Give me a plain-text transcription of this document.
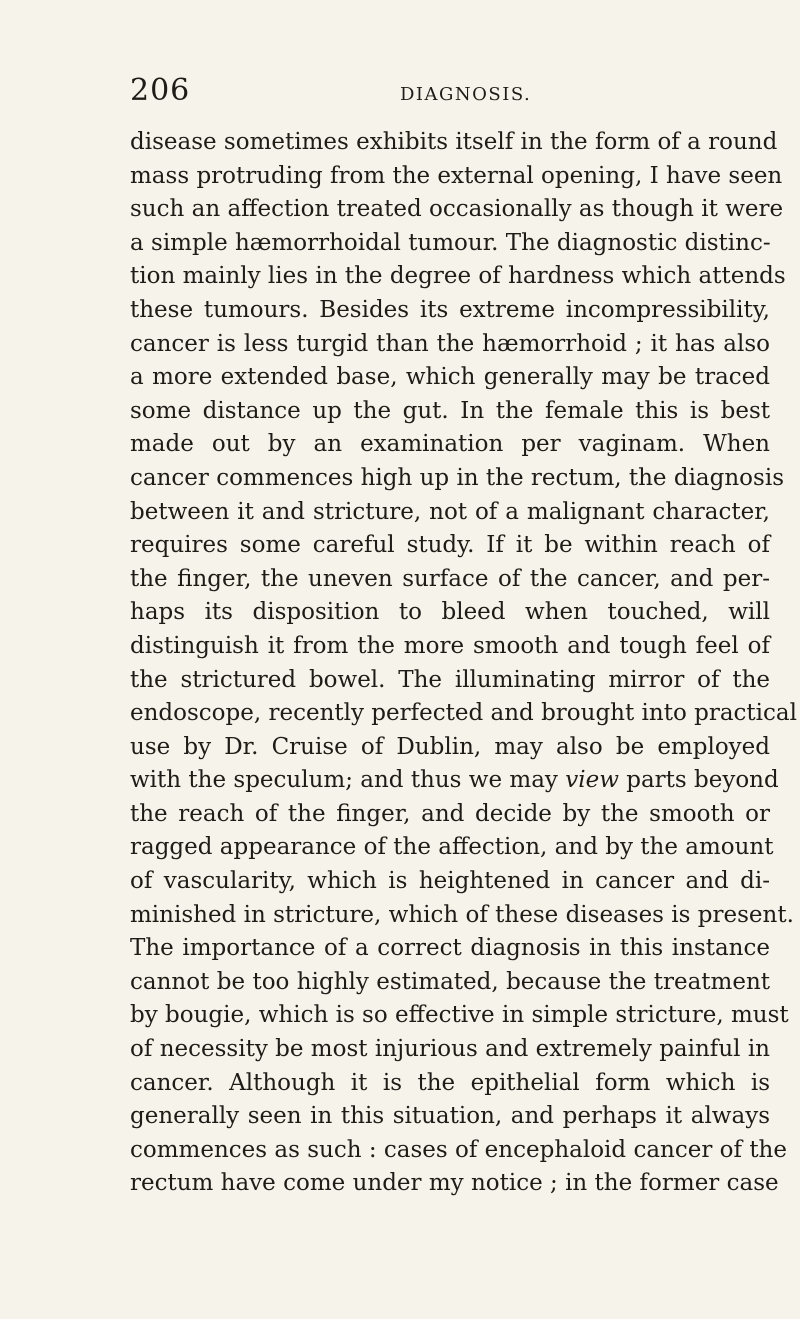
206	DIAGNOSIS.
disease sometimes exhibits itself in the form of a round
mass protruding from the external opening, I have seen
such an affection treated occasionally as though it were
a simple hæmorrhoidal tumour. The diagnostic distinc-
tion mainly lies in the degree of hardness which attends
these tumours. Besides its extreme incompressibility,
cancer is less turgid than the hæmorrhoid ; it has also
a more extended base, which generally may be traced
some distance up the gut. In the female this is best
made out by an examination per vaginam. When
cancer commences high up in the rectum, the diagnosis
between it and stricture, not of a malignant character,
requires some careful study. If it be within reach of
the finger, the uneven surface of the cancer, and per-
haps its disposition to bleed when touched, will
distinguish it from the more smooth and tough feel of
the strictured bowel. The illuminating mirror of the
endoscope, recently perfected and brought into practical
use by Dr. Cruise of Dublin, may also be employed
with the speculum; and thus we may view parts beyond
the reach of the finger, and decide by the smooth or
ragged appearance of the affection, and by the amount
of vascularity, which is heightened in cancer and di-
minished in stricture, which of these diseases is present.
The importance of a correct diagnosis in this instance
cannot be too highly estimated, because the treatment
by bougie, which is so effective in simple stricture, must
of necessity be most injurious and extremely painful in
cancer. Although it is the epithelial form which is
generally seen in this situation, and perhaps it always
commences as such : cases of encephaloid cancer of the
rectum have come under my notice ; in the former case
